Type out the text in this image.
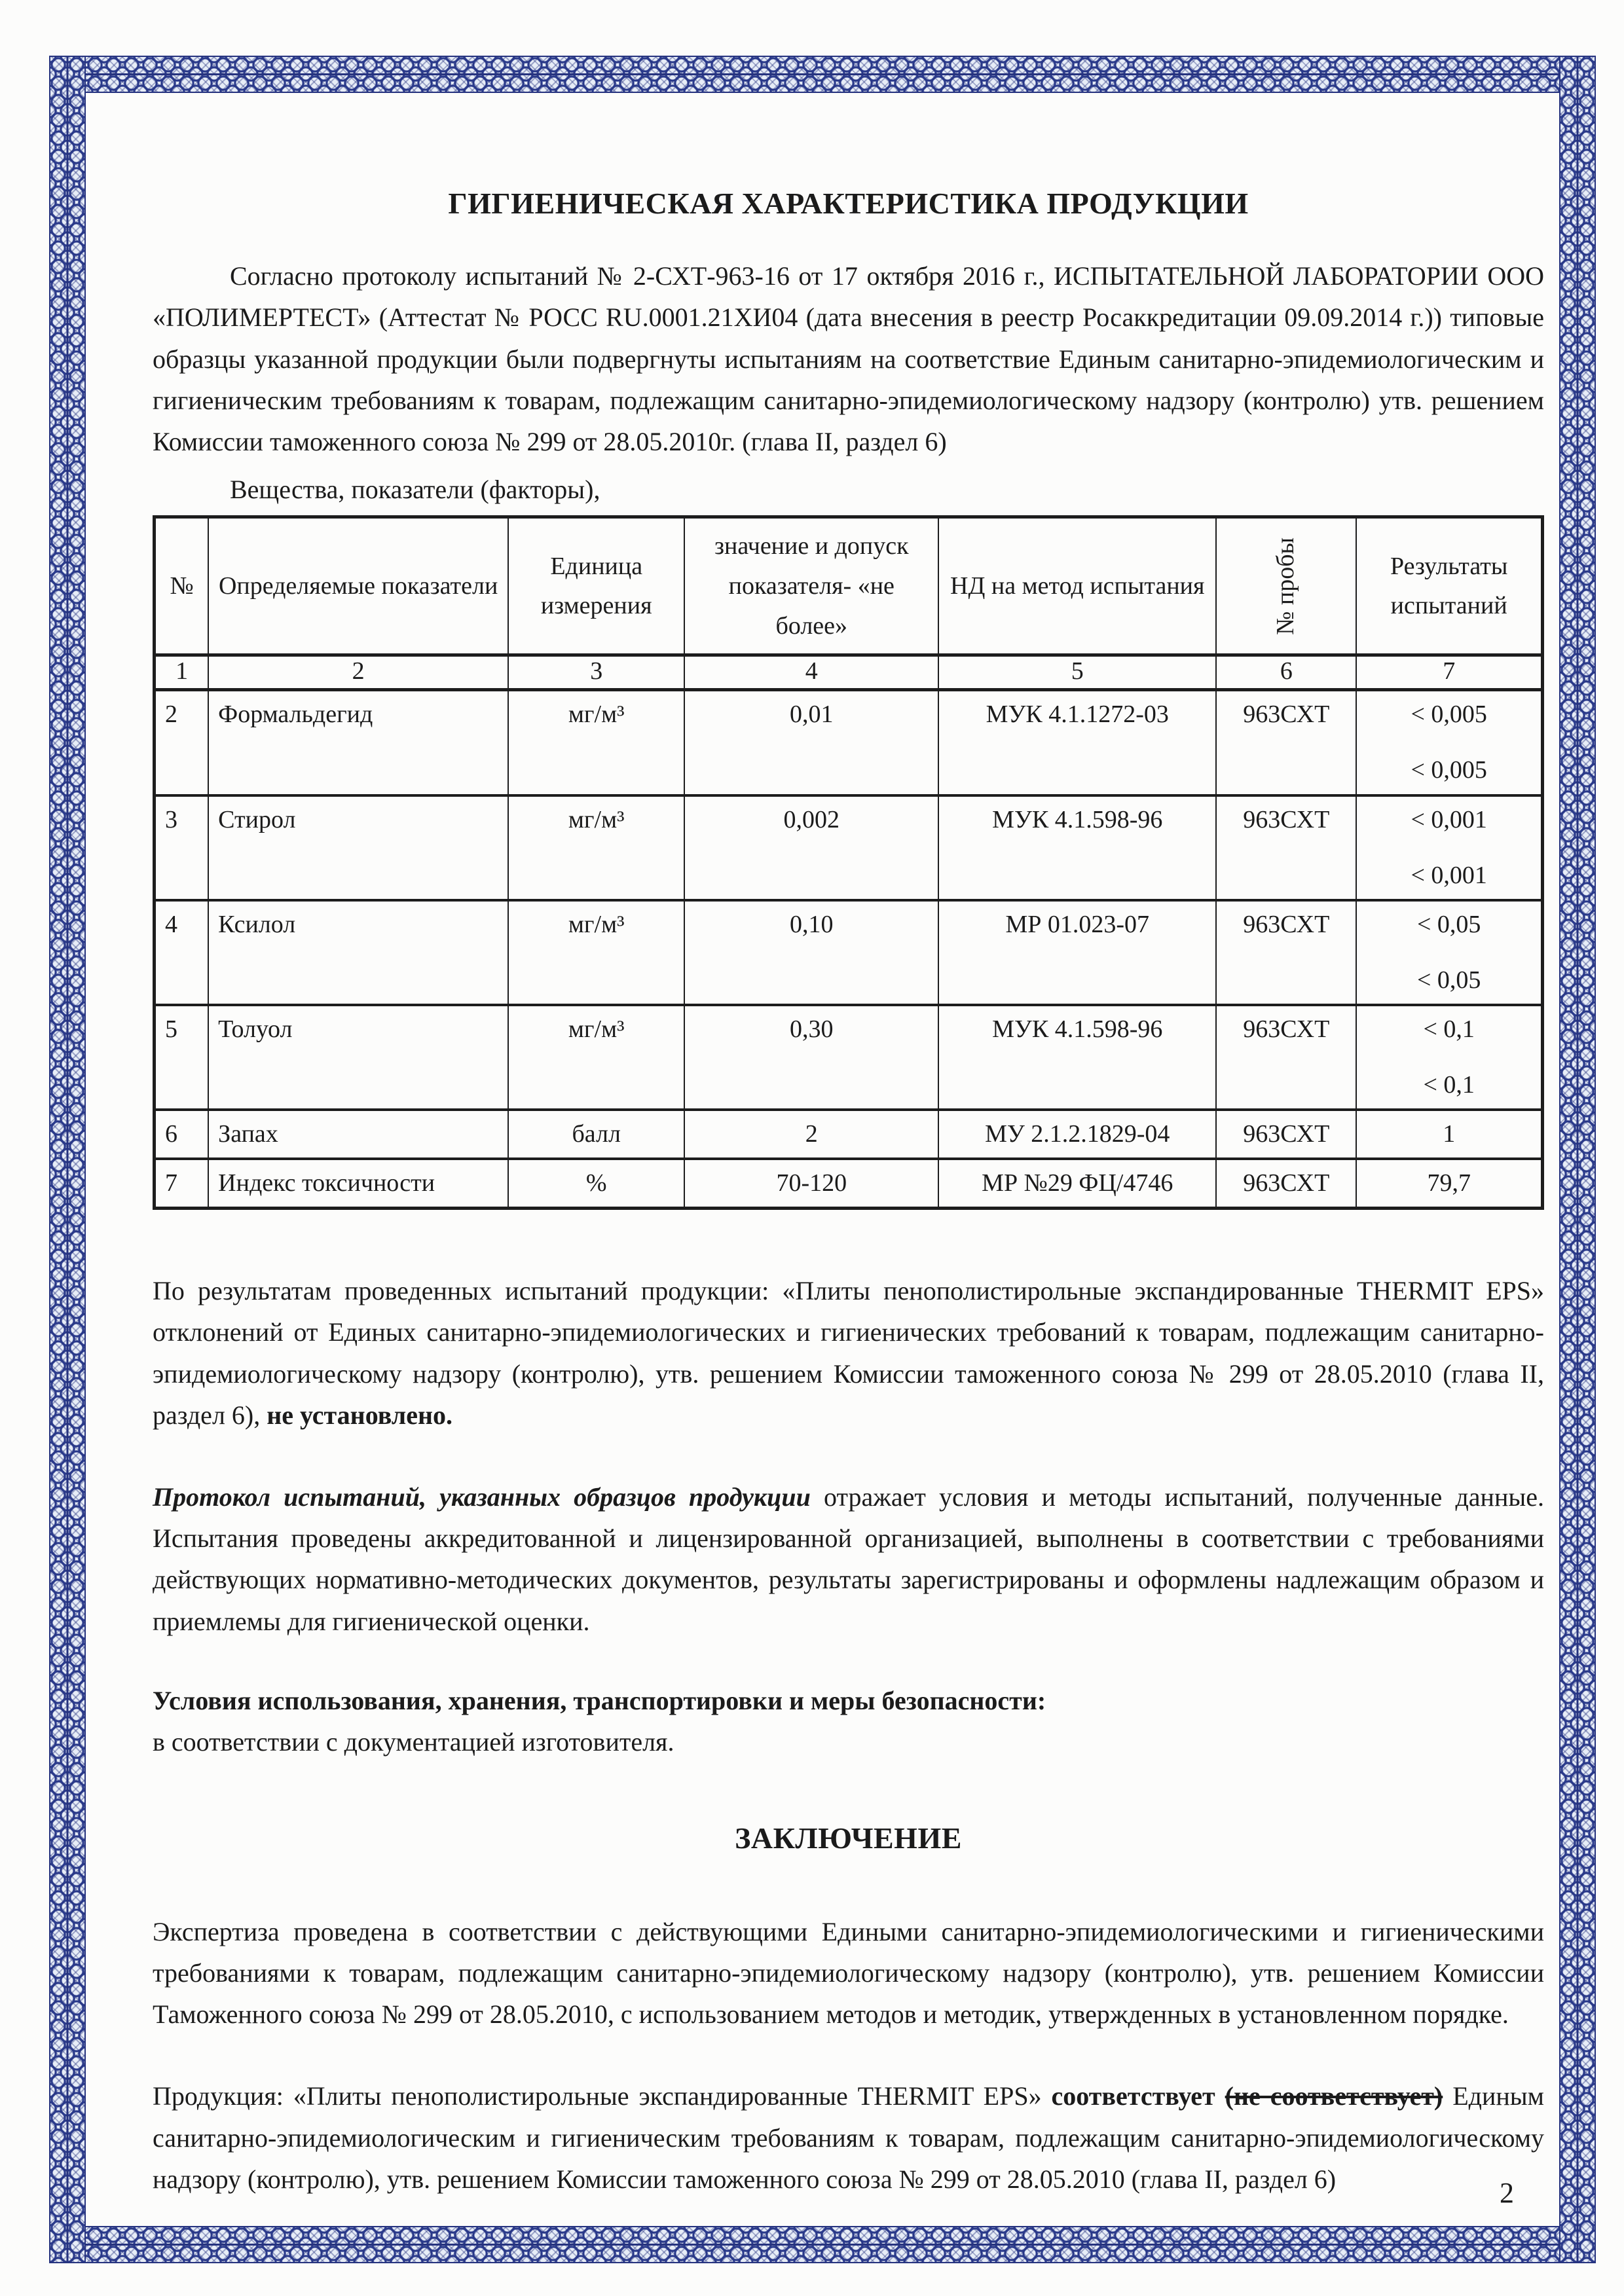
ГИГИЕНИЧЕСКАЯ ХАРАКТЕРИСТИКА ПРОДУКЦИИ

Согласно протоколу испытаний № 2-СХТ-963-16 от 17 октября 2016 г., ИСПЫТАТЕЛЬНОЙ ЛАБОРАТОРИИ ООО «ПОЛИМЕРТЕСТ» (Аттестат № РОСС RU.0001.21ХИ04 (дата внесения в реестр Росаккредитации 09.09.2014 г.)) типовые образцы указанной продукции были подвергнуты испытаниям на соответствие Единым санитарно-эпидемиологическим и гигиеническим требованиям к товарам, подлежащим санитарно-эпидемиологическому надзору (контролю) утв. решением Комиссии таможенного союза № 299 от 28.05.2010г. (глава II, раздел 6)

Вещества, показатели (факторы),

№	Определяемые показатели	Единица измерения	значение и допуск показателя- «не более»	НД на метод испытания	№ пробы	Результаты испытаний
1	2	3	4	5	6	7
2	Формальдегид	мг/м³	0,01	МУК 4.1.1272-03	963СХТ	< 0,005
< 0,005

3	Стирол	мг/м³	0,002	МУК 4.1.598-96	963СХТ	< 0,001
< 0,001

4	Ксилол	мг/м³	0,10	МР 01.023-07	963СХТ	< 0,05
< 0,05

5	Толуол	мг/м³	0,30	МУК 4.1.598-96	963СХТ	< 0,1
< 0,1

6	Запах	балл	2	МУ 2.1.2.1829-04	963СХТ	1

7	Индекс токсичности	%	70-120	МР №29 ФЦ/4746	963СХТ	79,7

По результатам проведенных испытаний продукции: «Плиты пенополистирольные экспандированные THERMIT EPS» отклонений от Единых санитарно-эпидемиологических и гигиенических требований к товарам, подлежащим санитарно-эпидемиологическому надзору (контролю), утв. решением Комиссии таможенного союза № 299 от 28.05.2010 (глава II, раздел 6), не установлено.

Протокол испытаний, указанных образцов продукции отражает условия и методы испытаний, полученные данные. Испытания проведены аккредитованной и лицензированной организацией, выполнены в соответствии с требованиями действующих нормативно-методических документов, результаты зарегистрированы и оформлены надлежащим образом и приемлемы для гигиенической оценки.

Условия использования, хранения, транспортировки и меры безопасности:

в соответствии с документацией изготовителя.

ЗАКЛЮЧЕНИЕ

Экспертиза проведена в соответствии с действующими Едиными санитарно-эпидемиологическими и гигиеническими требованиями к товарам, подлежащим санитарно-эпидемиологическому надзору (контролю), утв. решением Комиссии Таможенного союза № 299 от 28.05.2010, с использованием методов и методик, утвержденных в установленном порядке.

Продукция: «Плиты пенополистирольные экспандированные THERMIT EPS» соответствует (не соответствует) Единым санитарно-эпидемиологическим и гигиеническим требованиям к товарам, подлежащим санитарно-эпидемиологическому надзору (контролю), утв. решением Комиссии таможенного союза № 299 от 28.05.2010 (глава II, раздел 6)	2
